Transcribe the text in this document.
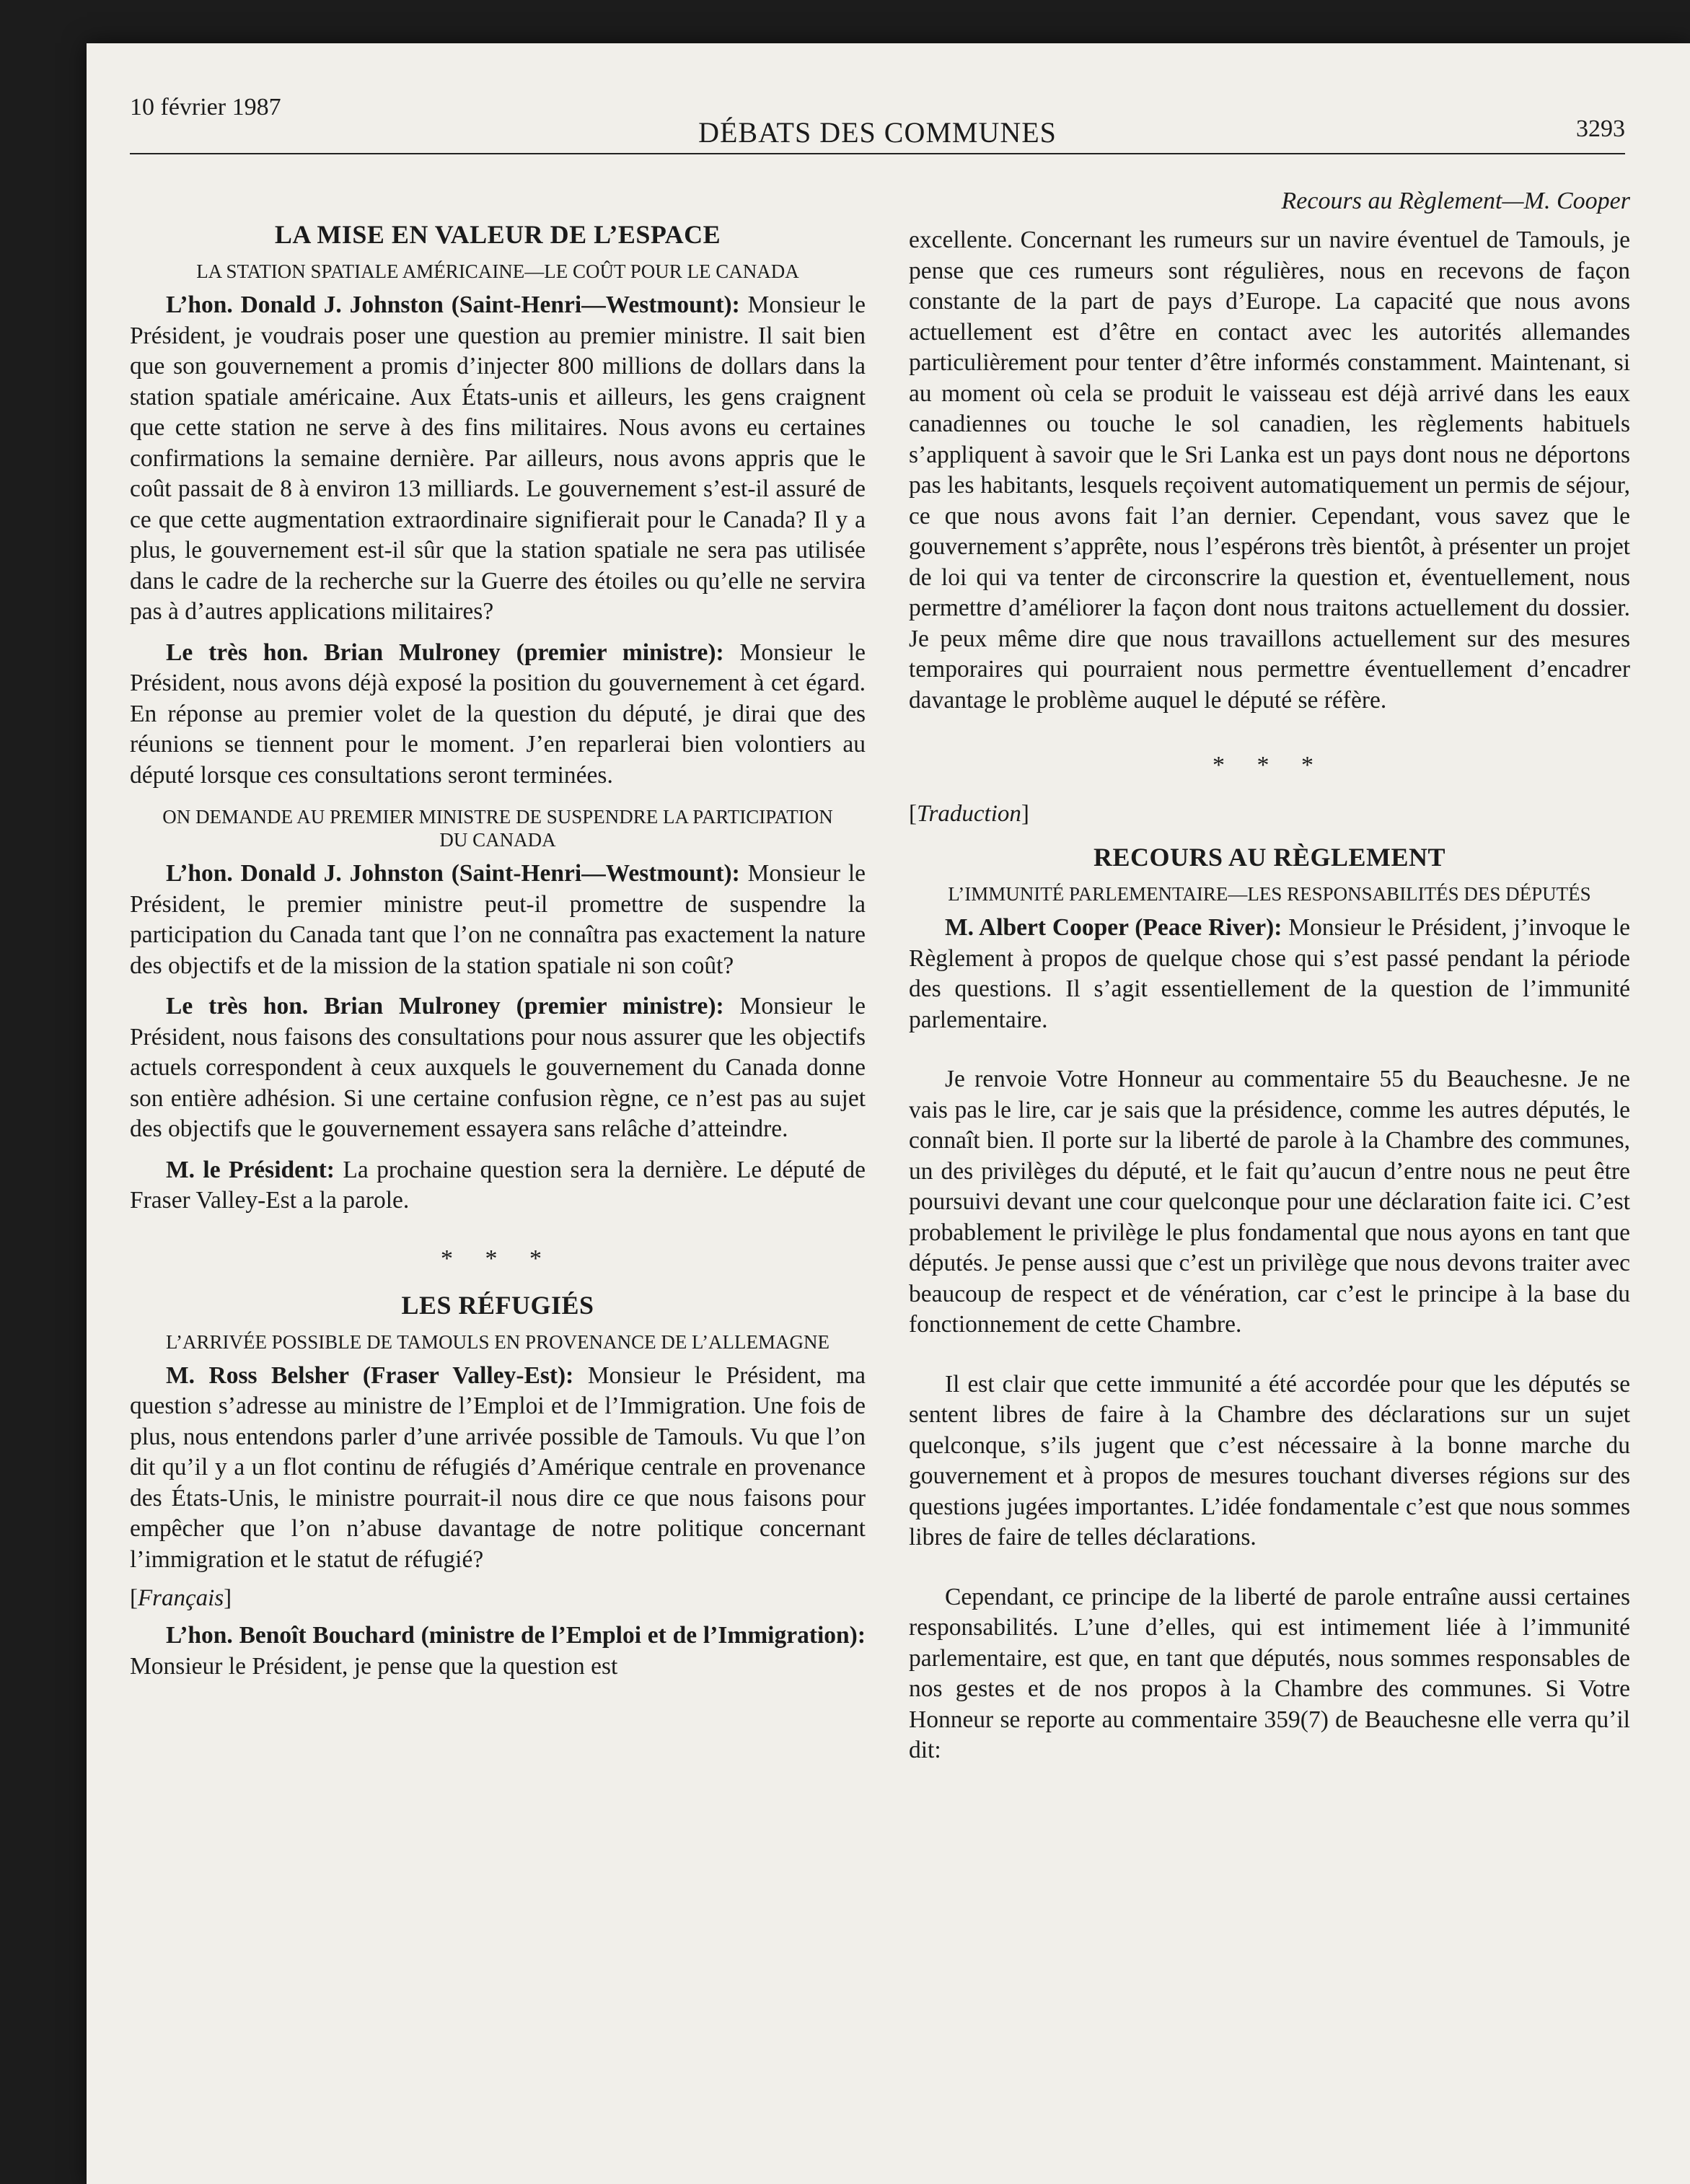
10 février 1987
DÉBATS DES COMMUNES	3293
LA MISE EN VALEUR DE L’ESPACE
LA STATION SPATIALE AMÉRICAINE—LE COÛT POUR LE CANADA

L’hon. Donald J. Johnston (Saint-Henri—Westmount): Monsieur le Président, je voudrais poser une question au premier ministre. Il sait bien que son gouvernement a promis d’injecter 800 millions de dollars dans la station spatiale américaine. Aux États-unis et ailleurs, les gens craignent que cette station ne serve à des fins militaires. Nous avons eu certaines confirmations la semaine dernière. Par ailleurs, nous avons appris que le coût passait de 8 à environ 13 milliards. Le gouvernement s’est-il assuré de ce que cette augmentation extraordinaire signifierait pour le Canada? Il y a plus, le gouvernement est-il sûr que la station spatiale ne sera pas utilisée dans le cadre de la recherche sur la Guerre des étoiles ou qu’elle ne servira pas à d’autres applications militaires?

Le très hon. Brian Mulroney (premier ministre): Monsieur le Président, nous avons déjà exposé la position du gouvernement à cet égard. En réponse au premier volet de la question du député, je dirai que des réunions se tiennent pour le moment. J’en reparlerai bien volontiers au député lorsque ces consultations seront terminées.

ON DEMANDE AU PREMIER MINISTRE DE SUSPENDRE LA PARTICIPATION DU CANADA

L’hon. Donald J. Johnston (Saint-Henri—Westmount): Monsieur le Président, le premier ministre peut-il promettre de suspendre la participation du Canada tant que l’on ne connaîtra pas exactement la nature des objectifs et de la mission de la station spatiale ni son coût?

Le très hon. Brian Mulroney (premier ministre): Monsieur le Président, nous faisons des consultations pour nous assurer que les objectifs actuels correspondent à ceux auxquels le gouvernement du Canada donne son entière adhésion. Si une certaine confusion règne, ce n’est pas au sujet des objectifs que le gouvernement essayera sans relâche d’atteindre.

M. le Président: La prochaine question sera la dernière. Le député de Fraser Valley-Est a la parole.

* * *
LES RÉFUGIÉS
L’ARRIVÉE POSSIBLE DE TAMOULS EN PROVENANCE DE L’ALLEMAGNE

M. Ross Belsher (Fraser Valley-Est): Monsieur le Président, ma question s’adresse au ministre de l’Emploi et de l’Immigration. Une fois de plus, nous entendons parler d’une arrivée possible de Tamouls. Vu que l’on dit qu’il y a un flot continu de réfugiés d’Amérique centrale en provenance des États-Unis, le ministre pourrait-il nous dire ce que nous faisons pour empêcher que l’on n’abuse davantage de notre politique concernant l’immigration et le statut de réfugié?

[Français]

L’hon. Benoît Bouchard (ministre de l’Emploi et de l’Immigration): Monsieur le Président, je pense que la question est

Recours au Règlement—M. Cooper

excellente. Concernant les rumeurs sur un navire éventuel de Tamouls, je pense que ces rumeurs sont régulières, nous en recevons de façon constante de la part de pays d’Europe. La capacité que nous avons actuellement est d’être en contact avec les autorités allemandes particulièrement pour tenter d’être informés constamment. Maintenant, si au moment où cela se produit le vaisseau est déjà arrivé dans les eaux canadiennes ou touche le sol canadien, les règlements habituels s’appliquent à savoir que le Sri Lanka est un pays dont nous ne déportons pas les habitants, lesquels reçoivent automatiquement un permis de séjour, ce que nous avons fait l’an dernier. Cependant, vous savez que le gouvernement s’apprête, nous l’espérons très bientôt, à présenter un projet de loi qui va tenter de circonscrire la question et, éventuellement, nous permettre d’améliorer la façon dont nous traitons actuellement du dossier. Je peux même dire que nous travaillons actuellement sur des mesures temporaires qui pourraient nous permettre éventuellement d’encadrer davantage le problème auquel le député se réfère.

* * *
[Traduction]
RECOURS AU RÈGLEMENT
L’IMMUNITÉ PARLEMENTAIRE—LES RESPONSABILITÉS DES DÉPUTÉS

M. Albert Cooper (Peace River): Monsieur le Président, j’invoque le Règlement à propos de quelque chose qui s’est passé pendant la période des questions. Il s’agit essentiellement de la question de l’immunité parlementaire.

Je renvoie Votre Honneur au commentaire 55 du Beauchesne. Je ne vais pas le lire, car je sais que la présidence, comme les autres députés, le connaît bien. Il porte sur la liberté de parole à la Chambre des communes, un des privilèges du député, et le fait qu’aucun d’entre nous ne peut être poursuivi devant une cour quelconque pour une déclaration faite ici. C’est probablement le privilège le plus fondamental que nous ayons en tant que députés. Je pense aussi que c’est un privilège que nous devons traiter avec beaucoup de respect et de vénération, car c’est le principe à la base du fonctionnement de cette Chambre.

Il est clair que cette immunité a été accordée pour que les députés se sentent libres de faire à la Chambre des déclarations sur un sujet quelconque, s’ils jugent que c’est nécessaire à la bonne marche du gouvernement et à propos de mesures touchant diverses régions sur des questions jugées importantes. L’idée fondamentale c’est que nous sommes libres de faire de telles déclarations.

Cependant, ce principe de la liberté de parole entraîne aussi certaines responsabilités. L’une d’elles, qui est intimement liée à l’immunité parlementaire, est que, en tant que députés, nous sommes responsables de nos gestes et de nos propos à la Chambre des communes. Si Votre Honneur se reporte au commentaire 359(7) de Beauchesne elle verra qu’il dit:
